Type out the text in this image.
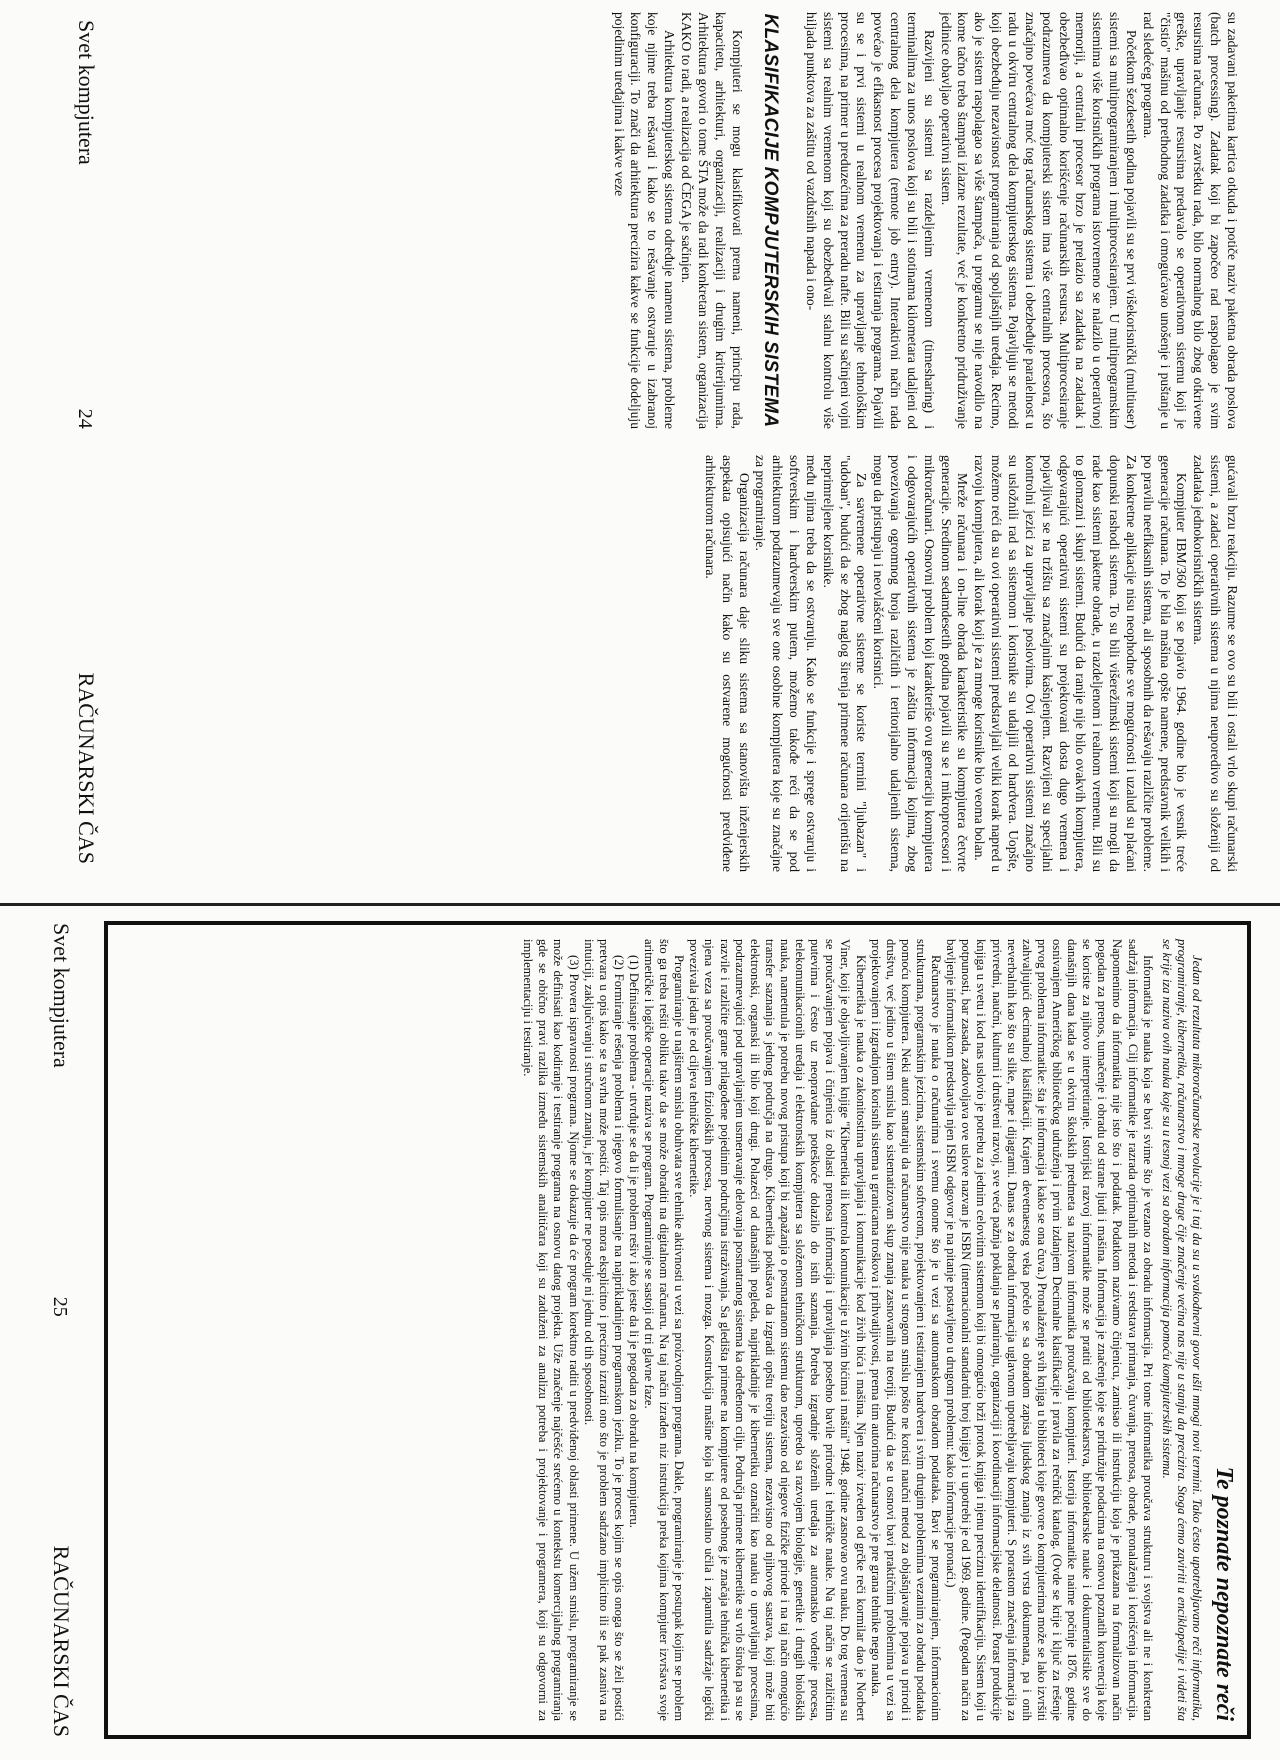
su zadavani paketima kartica otkuda i potiče naziv paketna obrada poslova (batch processing). Zadatak koji bi započeo rad raspolagao je svim resursima računara. Po završetku rada, bilo normalnog bilo zbog otkrivene greške, upravljanje resursima predavalo se operativnom sistemu koji je "čistio" mašinu od prethodnog zadatka i omogućavao unošenje i puštanje u rad sledećeg programa.

Početkom šezdesetih godina pojavili su se prvi višekorisnički (multiuser) sistemi sa multiprogramiranjem i multiprocesiranjem. U multiprogramskim sistemima više korisničkih programa istovremeno se nalazilo u operativnoj memoriji, a centralni procesor brzo je prelazio sa zadatka na zadatak i obezbeđivao optimalno korišćenje računarskih resursa. Multiprocesiranje podrazumeva da kompjuterski sistem ima više centralnih procesora, što značajno povećava moć tog računarskog sistema i obezbeđuje paralelnost u radu u okviru centralnog dela kompjuterskog sistema. Pojavljuju se metodi koji obezbeđuju nezavisnost programiranja od spoljašnjih uređaja. Recimo, ako je sistem raspolagao sa više štampača, u programu se nije navodilo na kome tačno treba štampati izlazne rezultate, već je konkretno pridruživanje jedinice obavljao operativni sistem.

Razvijeni su sistemi sa razdeljenim vremenom (timesharing) i terminalima za unos poslova koji su bili i stotinama kilometara udaljeni od centralnog dela kompjutera (remote job entry). Interaktivni način rada povećao je efikasnost procesa projektovanja i testiranja programa. Pojavili su se i prvi sistemi u realnom vremenu za upravljanje tehnološkim procesima, na primer u preduzećima za preradu nafte. Bili su sačinjeni vojni sistemi sa realnim vremenom koji su obezbeđivali stalnu kontrolu više hiljada punktova za zaštitu od vazdušnih napada i ono-

KLASIFIKACIJE KOMPJUTERSKIH SISTEMA

Kompjuteri se mogu klasifikovati prema nameni, principu rada, kapacitetu, arhitekturi, organizaciji, realizaciji i drugim kriterijumima. Arhitektura govori o tome ŠTA može da radi konkretan sistem, organizacija KAKO to radi, a realizacija od ČEGA je sačinjen.

Arhitektura kompjuterskog sistema određuje namenu sistema, probleme koje njime treba rešavati i kako se to rešavanje ostvaruje u izabranoj konfiguraciji. To znači da arhitektura precizira kakve se funkcije dodeljuju pojedinim uređajima i kakve veze

gućavali brzu reakciju. Razume se ovo su bili i ostali vrlo skupi računarski sistemi, a zadaci operativnih sistema u njima neuporedivo su složeniji od zadataka jednokorisničkih sistema.

Kompjuter IBM/360 koji se pojavio 1964. godine bio je vesnik treće generacije računara. To je bila mašina opšte namene, predstavnik velikih i po pravilu neefikasnih sistema, ali sposobnih da rešavaju različite probleme. Za konkretne aplikacije nisu neophodne sve mogućnosti i uzalud su plaćani dopunski rashodi sistema. To su bili višerežimski sistemi koji su mogli da rade kao sistemi paketne obrade, u razdeljenom i realnom vremenu. Bili su to glomazni i skupi sistemi. Budući da ranije nije bilo ovakvih kompjutera, odgovarajući operativni sistemi su projektovani dosta dugo vremena i pojavljivali se na tržištu sa značajnim kašnjenjem. Razvijeni su specijalni kontrolni jezici za upravljanje poslovima. Ovi operativni sistemi značajno su usložnili rad sa sistemom i korisnike su udaljili od hardvera. Uopšte, možemo reći da su ovi operativni sistemi predstavljali veliki korak napred u razvoju kompjutera, ali korak koji je za mnoge korisnike bio veoma bolan.

Mreže računara i on-line obrada karakteristike su kompjutera četvrte generacije. Sredinom sedamdesetih godina pojavili su se i mikroprocesori i mikroračunari. Osnovni problem koji karakteriše ovu generaciju kompjutera i odgovarajućih operativnih sistema je zaštita informacija kojima, zbog povezivanja ogromnog broja različitih i teritorijalno udaljenih sistema, mogu da pristupaju i neovlašćeni korisnici.

Za savremene operativne sisteme se koriste termini "ljubazan" i "udoban", budući da se zbog naglog širenja primene računara orijentišu na neprimreljene korisnike.

među njima treba da se ostvaruju. Kako se funkcije i sprege ostvaruju i softverskim i hardverskim putem, možemo takođe reći da se pod arhitekturom podrazumevaju sve one osobine kompjutera koje su značajne za programiranje.

Organizacija računara daje sliku sistema sa stanovišta inženjerskih aspekata opisujući način kako su ostvarene mogućnosti predviđene arhitekturom računara.

Svet kompjutera
24
RAČUNARSKI ČAS
Te poznate nepoznate reči

Jedan od rezultata mikroračunarske revolucije je i taj da su u svakodnevni govor ušli mnogi novi termini. Tako često upotrebljavano reči informatika, programiranje, kibernetika, računarstvo i mnoge druge čije značenje većina nas nije u stanju da precizira. Stoga ćemo zaviriti u enciklopedije i videti šta se krije iza naziva ovih nauka koje su u tesnoj vezi sa obradom informacija pomoću kompjuterskih sistema.

Informatika je nauka koja se bavi svime što je vezano za obradu informacija. Pri tome informatika proučava strukturu i svojstva ali ne i konkretan sadržaj informacija. Cilj informatike je razrada optimalnih metoda i sredstava primanja, čuvanja, prenosa, obrade, pronalaženja i korišćenja informacija. Napomenimo da informatika nije isto što i podatak. Podatkom nazivamo činjenicu, zamisao ili instrukciju koja je prikazana na formalizovan način pogodan za prenos, tumačenje i obradu od strane ljudi i mašina. Informacija je značenje koje se pridružuje podacima na osnovu poznatih konvencija koje se koriste za njihovo interpretiranje. Istorijski razvoj informatike može se pratiti od bibliotekarstva, bibliotekarske nauke i dokumentalistike sve do današnjih dana kada se u okviru školskih predmeta sa nazivom informatika proučavaju kompjuteri. Istorija informatike naime počinje 1876. godine osnivanjem Američkog bibliotečkog udruženja i prvim izdanjem Decimalne klasifikacije i pravila za rečnički katalog. (Ovde se krije i ključ za rešenje prvog problema informatike: šta je informacija i kako se ona čuva.) Pronalaženje svih knjiga u biblioteci koje govore o kompjuterima može se lako izvršiti zahvaljujući decimalnoj klasifikaciji. Krajem devetnaestog veka počelo se sa obradom zapisa ljudskog znanja iz svih vrsta dokumenata, pa i onih neverbalnih kao što su slike, mape i dijagrami. Danas se za obradu informacija uglavnom upotrebljavaju kompjuteri. S porastom značenja informacija za privredni, naučni, kulturni i društveni razvoj, sve veća pažnja poklanja se planiranju, organizaciji i koordinaciji informacijske delatnosti. Porast produkcije knjiga u svetu i kod nas uslovio je potrebu za jednim celovitim sistemom koji bi omogućio brži protok knjiga i njenu preciznu identifikaciju. Sistem koji u potpunosti, bar zasada, zadovoljava ove uslove nazvan je ISBN (internacionalni standardni broj knjige) i u upotrebi je od 1969. godine. (Pogodan način za bavljenje informatikom predstavlja njen ISBN odgovor je na pitanje postavljeno u drugom problemu: kako informacije pronaći.)

Računarstvo je nauka o računarima i svemu onome što je u vezi sa automatskom obradom podataka. Bavi se programiranjem, informacionim strukturama, programskim jezicima, sistemskim softverom, projektovanjem i testiranjem hardvera i svim drugim problemima vezanim za obradu podataka pomoću kompjutera. Neki autori smatraju da računarstvo nije nauka u strogom smislu pošto ne koristi naučni metod za objašnjavanje pojava u prirodi i društvu, već jedino u širem smislu kao sistematizovan skup znanja zasnovanih na teoriji. Budući da se u osnovi bavi praktičnim problemima u vezi sa projektovanjem i izgradnjom korisnih sistema u granicama troškova i prihvatljivosti, prema tim autorima računarstvo je pre grana tehnike nego nauka.

Kibernetika je nauka o zakonitostima upravljanja i komunikacije kod živih bića i mašina. Njen naziv izveden od grčke reči kormilar dao je Norbert Viner, koji je objavljivanjem knjige "Kibernetika ili kontrola komunikacije u živim bićima i mašini" 1948. godine zasnovao ovu nauku. Do tog vremena su se proučavanjem pojava i činjenica iz oblasti prenosa informacija i upravljanja posebno bavile prirodne i tehničke nauke. Na taj način se različitim putevima i često uz neopravdane poteškoće dolazilo do istih saznanja. Potreba izgradnje složenih uređaja za automatsko vođenje procesa, telekomunikacionih uređaja i elektronskih kompjutera sa složenom tehničkom strukturom, uporedo sa razvojem biologije, genetike i drugih bioloških nauka, nametnula je potrebu novog pristupa koji bi zapažanja o posmatranom sistemu dao nezavisno od njegove fizičke prirode i na taj način omogućio transfer saznanja s jednog područja na drugo. Kibernetika pokušava da izgradi opštu teoriju sistema, nezavisno od njihovog sastava, koji može biti elektronski, organski ili bilo koji drugi. Polazeći od današnjih pogleda, najprikladnije je kibernetiku označiti kao nauku o upravljanju procesima, podrazumevajući pod upravljanjem usmeravanje delovanja posmatranog sistema ka određenom cilju. Područja primene kibernetike su vrlo široka pa su se razvile i različite grane prilagođene pojedinim područjima istraživanja. Sa gledišta primene na kompjutere od posebnog je značaja tehnička kibernetika i njena veza sa proučavanjem fizioloških procesa, nervnog sistema i mozga. Konstrukcija mašine koja bi samostalno učila i zapamtila sadržaje logički povezivala jedan je od ciljeva tehničke kibernetike.

Programiranje u najširem smislu obuhvata sve tehnike aktivnosti u vezi sa proizvodnjom programa. Dakle, programiranje je postupak kojim se problem što ga treba rešiti obliku takav da se može obraditi na digitalnom računaru. Na taj način izrađen niz instrukcija preka kojima kompjuter izvršava svoje aritmetičke i logičke operacije naziva se program. Programiranje se sastoji od tri glavne faze.

(1) Definisanje problema - utvrđuje se da li je problem rešiv i ako jeste da li je pogodan za obradu na kompjuteru.

(2) Formiranje rešenja problema i njegovo formulisanje na najprikladnijem programskom jeziku. To je proces kojim se opis onoga što se želi postići pretvara u opis kako se ta svrha može postići. Taj opis mora eksplicitno i precizno izraziti ono što je problem sadržano implicitno ili se pak zasniva na intuiciji, zaključivanju i stručnom znanju, jer kompjuter ne poseduje ni jednu od tih sposobnosti.

(3) Provera ispravnosti programa. Njome se dokazuje da će program korektno raditi u predviđenoj oblasti primene. U užem smislu, programiranje se može definisati kao kodiranje i testiranje programa na osnovu datog projekta. Uže značenje najčešće srećemo u kontekstu komercijalnog programiranja gde se obično pravi razlika između sistemskih analitičara koji su zaduženi za analizu potreba i projektovanje i programera, koji su odgovorni za implementaciju i testiranje.

Svet kompjutera
25
RAČUNARSKI ČAS
